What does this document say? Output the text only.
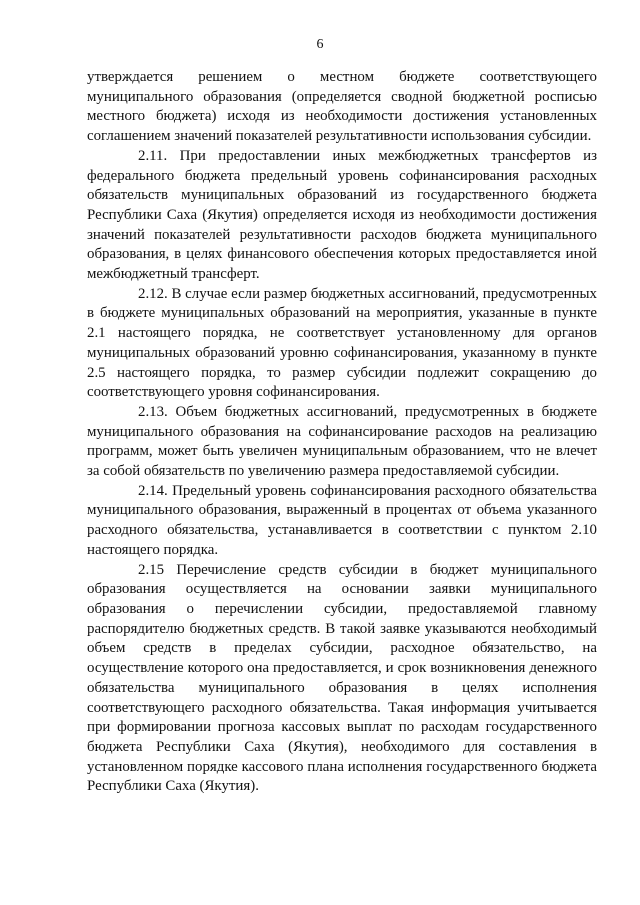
6

утверждается решением о местном бюджете соответствующего муниципального образования (определяется сводной бюджетной росписью местного бюджета) исходя из необходимости достижения установленных соглашением значений показателей результативности использования субсидии.

2.11. При предоставлении иных межбюджетных трансфертов из федерального бюджета предельный уровень софинансирования расходных обязательств муниципальных образований из государственного бюджета Республики Саха (Якутия) определяется исходя из необходимости достижения значений показателей результативности расходов бюджета муниципального образования, в целях финансового обеспечения которых предоставляется иной межбюджетный трансферт.

2.12. В случае если размер бюджетных ассигнований, предусмотренных в бюджете муниципальных образований на мероприятия, указанные в пункте 2.1 настоящего порядка, не соответствует установленному для органов муниципальных образований уровню софинансирования, указанному в пункте 2.5 настоящего порядка, то размер субсидии подлежит сокращению до соответствующего уровня софинансирования.

2.13. Объем бюджетных ассигнований, предусмотренных в бюджете муниципального образования на софинансирование расходов на реализацию программ, может быть увеличен муниципальным образованием, что не влечет за собой обязательств по увеличению размера предоставляемой субсидии.

2.14. Предельный уровень софинансирования расходного обязательства муниципального образования, выраженный в процентах от объема указанного расходного обязательства, устанавливается в соответствии с пунктом 2.10 настоящего порядка.

2.15 Перечисление средств субсидии в бюджет муниципального образования осуществляется на основании заявки муниципального образования о перечислении субсидии, предоставляемой главному распорядителю бюджетных средств. В такой заявке указываются необходимый объем средств в пределах субсидии, расходное обязательство, на осуществление которого она предоставляется, и срок возникновения денежного обязательства муниципального образования в целях исполнения соответствующего расходного обязательства. Такая информация учитывается при формировании прогноза кассовых выплат по расходам государственного бюджета Республики Саха (Якутия), необходимого для составления в установленном порядке кассового плана исполнения государственного бюджета Республики Саха (Якутия).
